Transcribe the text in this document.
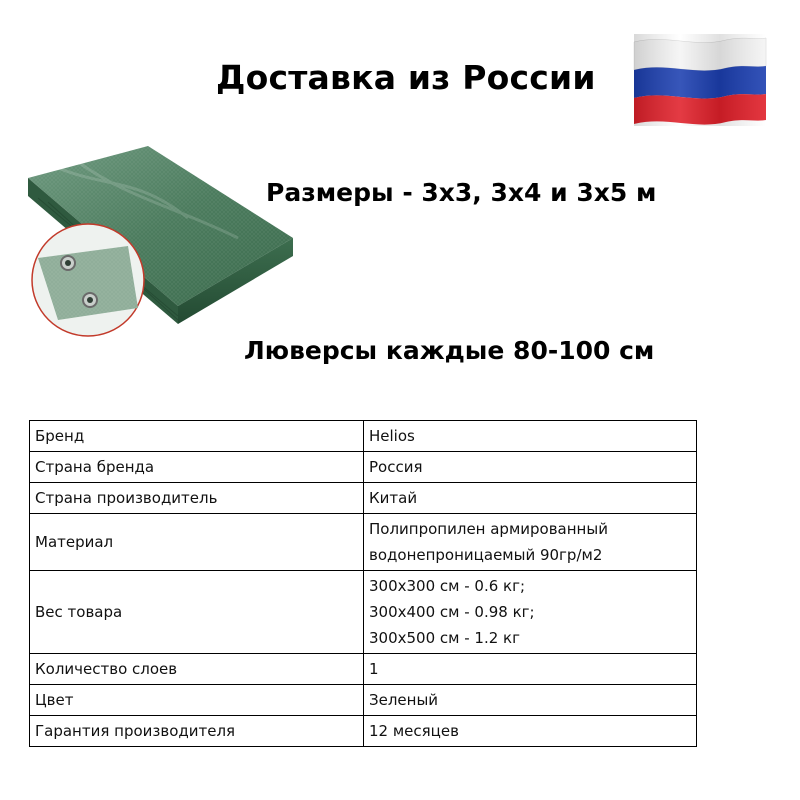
Доставка из России
Размеры - 3х3, 3х4 и 3х5 м
Люверсы каждые 80-100 см
Бренд	Helios

Страна бренда	Россия

Страна производитель	Китай

Материал	Полипропилен армированный
водонепроницаемый 90гр/м2

Вес товара	300х300 см - 0.6 кг;
300х400 см - 0.98 кг;
300х500 см - 1.2 кг

Количество слоев	1

Цвет	Зеленый

Гарантия производителя	12 месяцев
